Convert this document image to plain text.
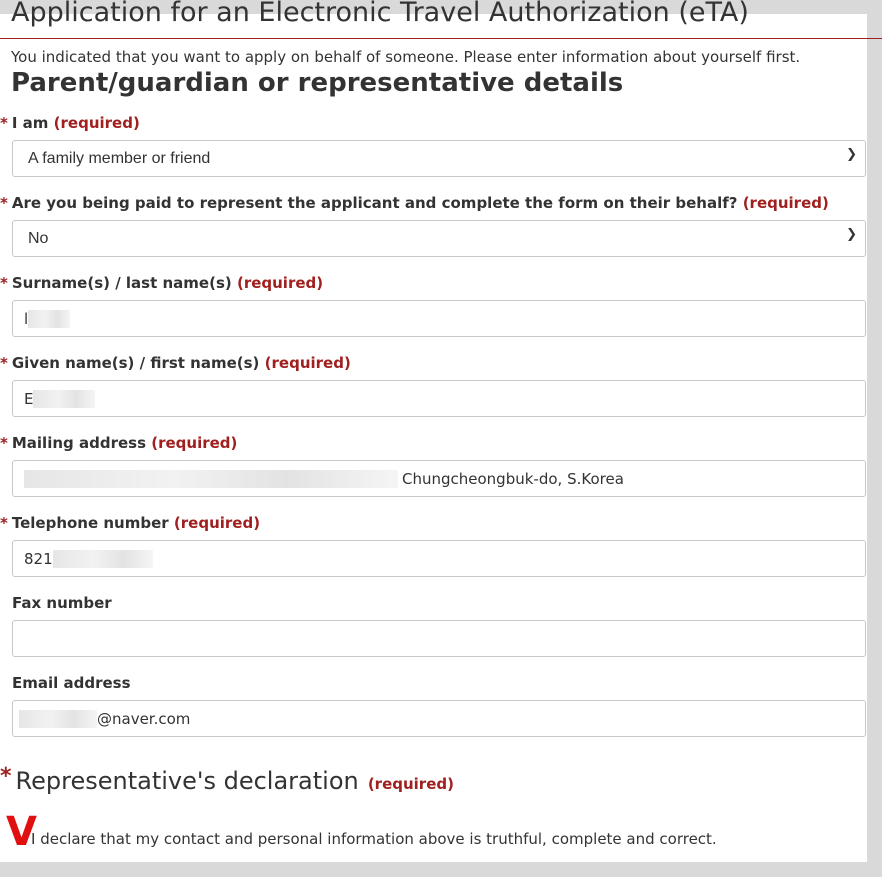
Application for an Electronic Travel Authorization (eTA)
You indicated that you want to apply on behalf of someone. Please enter information about yourself first.
Parent/guardian or representative details
* I am (required)
A family member or friend	❯
* Are you being paid to represent the applicant and complete the form on their behalf? (required)
No	❯
* Surname(s) / last name(s) (required)
l
* Given name(s) / first name(s) (required)
E
* Mailing address (required)
Chungcheongbuk-do, S.Korea
* Telephone number (required)
821
Fax number
Email address
@naver.com
* Representative's declaration (required)
V
I declare that my contact and personal information above is truthful, complete and correct.
